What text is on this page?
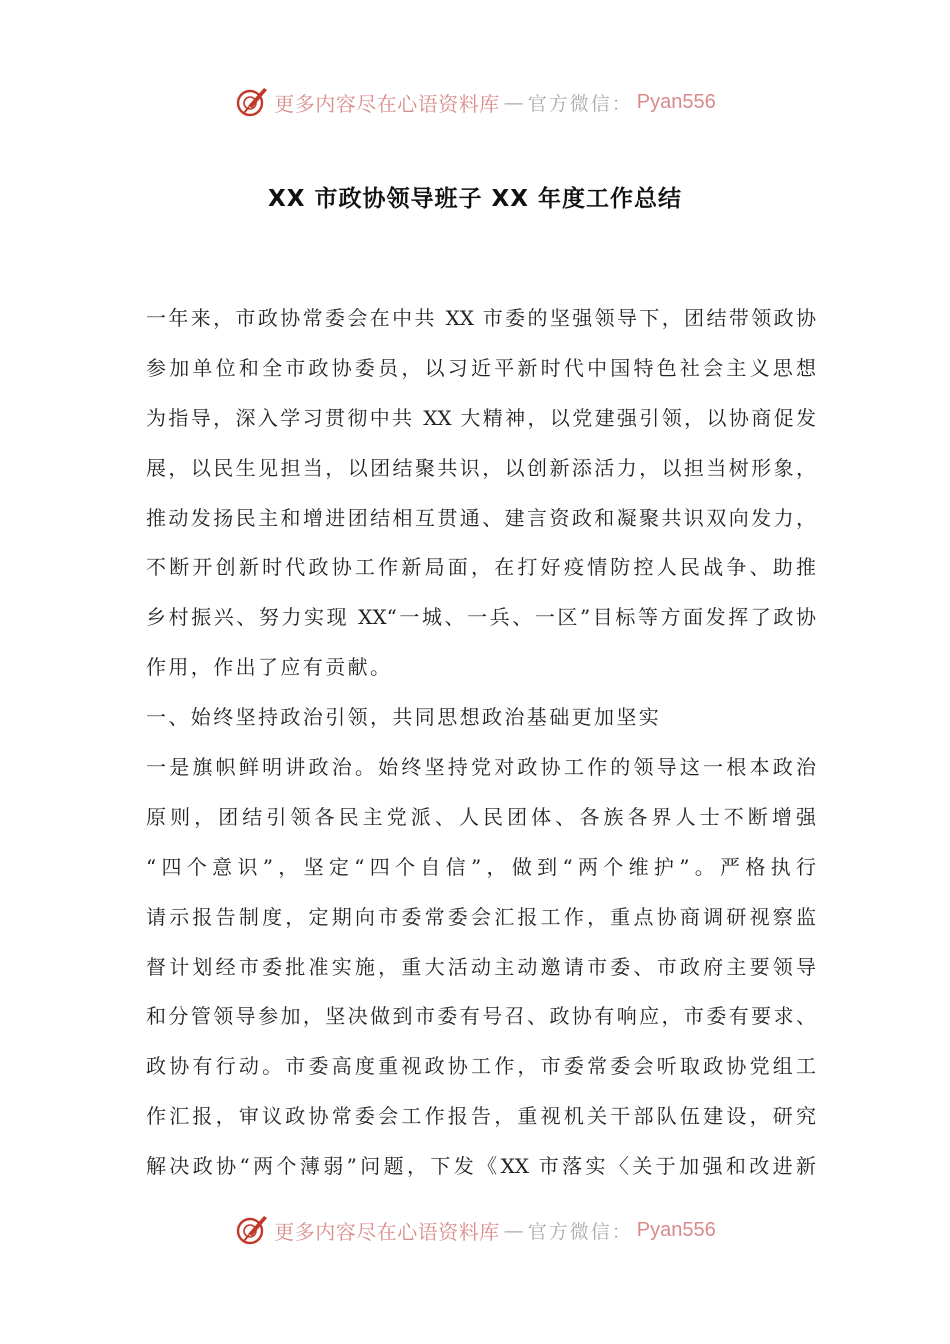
更多内容尽在心语资料库 — 官方微信： Pyan556
XX 市政协领导班子 XX 年度工作总结
一年来，市政协常委会在中共 XX 市委的坚强领导下，团结带领政协
参加单位和全市政协委员，以习近平新时代中国特色社会主义思想
为指导，深入学习贯彻中共 XX 大精神，以党建强引领，以协商促发
展，以民生见担当，以团结聚共识，以创新添活力，以担当树形象，
推动发扬民主和增进团结相互贯通、建言资政和凝聚共识双向发力，
不断开创新时代政协工作新局面，在打好疫情防控人民战争、助推
乡村振兴、努力实现 XX“一城、一兵、一区”目标等方面发挥了政协
作用，作出了应有贡献。
一、始终坚持政治引领，共同思想政治基础更加坚实
一是旗帜鲜明讲政治。始终坚持党对政协工作的领导这一根本政治
原则，团结引领各民主党派、人民团体、各族各界人士不断增强
“四个意识”，坚定“四个自信”，做到“两个维护”。严格执行
请示报告制度，定期向市委常委会汇报工作，重点协商调研视察监
督计划经市委批准实施，重大活动主动邀请市委、市政府主要领导
和分管领导参加，坚决做到市委有号召、政协有响应，市委有要求、
政协有行动。市委高度重视政协工作，市委常委会听取政协党组工
作汇报，审议政协常委会工作报告，重视机关干部队伍建设，研究
解决政协“两个薄弱”问题，下发《XX 市落实〈关于加强和改进新
更多内容尽在心语资料库 — 官方微信： Pyan556
